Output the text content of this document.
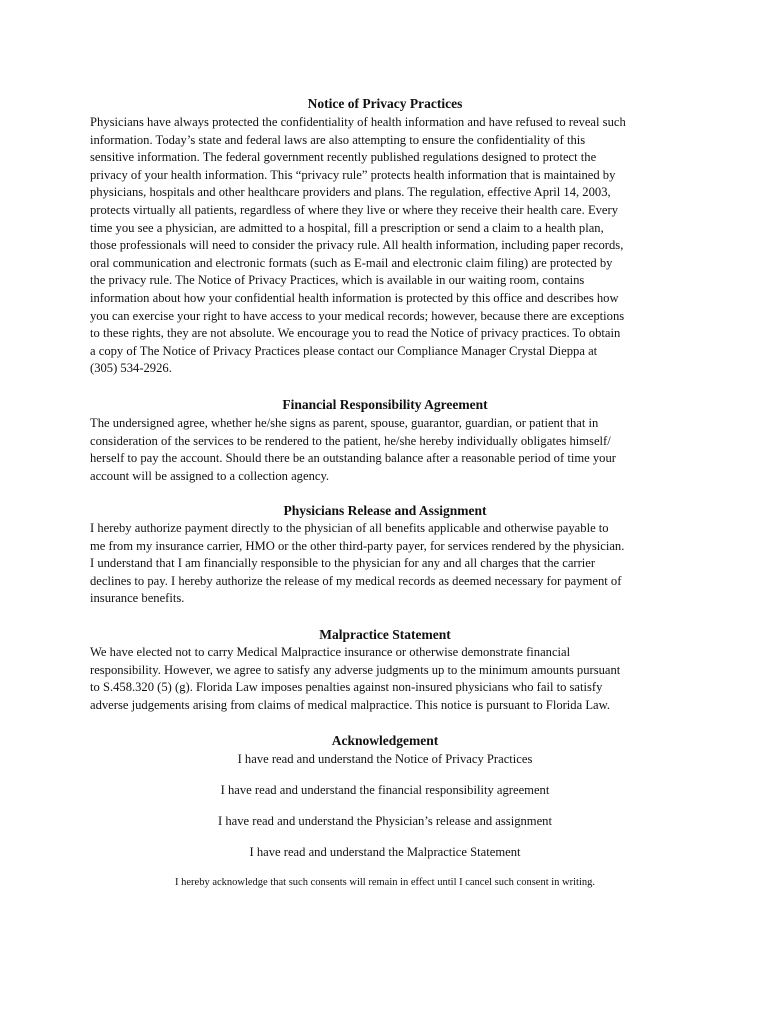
Notice of Privacy Practices

Physicians have always protected the confidentiality of health information and have refused to reveal such
information. Today’s state and federal laws are also attempting to ensure the confidentiality of this
sensitive information. The federal government recently published regulations designed to protect the
privacy of your health information. This “privacy rule” protects health information that is maintained by
physicians, hospitals and other healthcare providers and plans. The regulation, effective April 14, 2003,
protects virtually all patients, regardless of where they live or where they receive their health care. Every
time you see a physician, are admitted to a hospital, fill a prescription or send a claim to a health plan,
those professionals will need to consider the privacy rule. All health information, including paper records,
oral communication and electronic formats (such as E-mail and electronic claim filing) are protected by
the privacy rule. The Notice of Privacy Practices, which is available in our waiting room, contains
information about how your confidential health information is protected by this office and describes how
you can exercise your right to have access to your medical records; however, because there are exceptions
to these rights, they are not absolute. We encourage you to read the Notice of privacy practices. To obtain
a copy of The Notice of Privacy Practices please contact our Compliance Manager Crystal Dieppa at
(305) 534-2926.

Financial Responsibility Agreement

The undersigned agree, whether he/she signs as parent, spouse, guarantor, guardian, or patient that in
consideration of the services to be rendered to the patient, he/she hereby individually obligates himself/
herself to pay the account. Should there be an outstanding balance after a reasonable period of time your
account will be assigned to a collection agency.

Physicians Release and Assignment

I hereby authorize payment directly to the physician of all benefits applicable and otherwise payable to
me from my insurance carrier, HMO or the other third-party payer, for services rendered by the physician.
I understand that I am financially responsible to the physician for any and all charges that the carrier
declines to pay. I hereby authorize the release of my medical records as deemed necessary for payment of
insurance benefits.

Malpractice Statement

We have elected not to carry Medical Malpractice insurance or otherwise demonstrate financial
responsibility. However, we agree to satisfy any adverse judgments up to the minimum amounts pursuant
to S.458.320 (5) (g). Florida Law imposes penalties against non-insured physicians who fail to satisfy
adverse judgements arising from claims of medical malpractice. This notice is pursuant to Florida Law.

Acknowledgement

I have read and understand the Notice of Privacy Practices

I have read and understand the financial responsibility agreement

I have read and understand the Physician’s release and assignment

I have read and understand the Malpractice Statement

I hereby acknowledge that such consents will remain in effect until I cancel such consent in writing.
